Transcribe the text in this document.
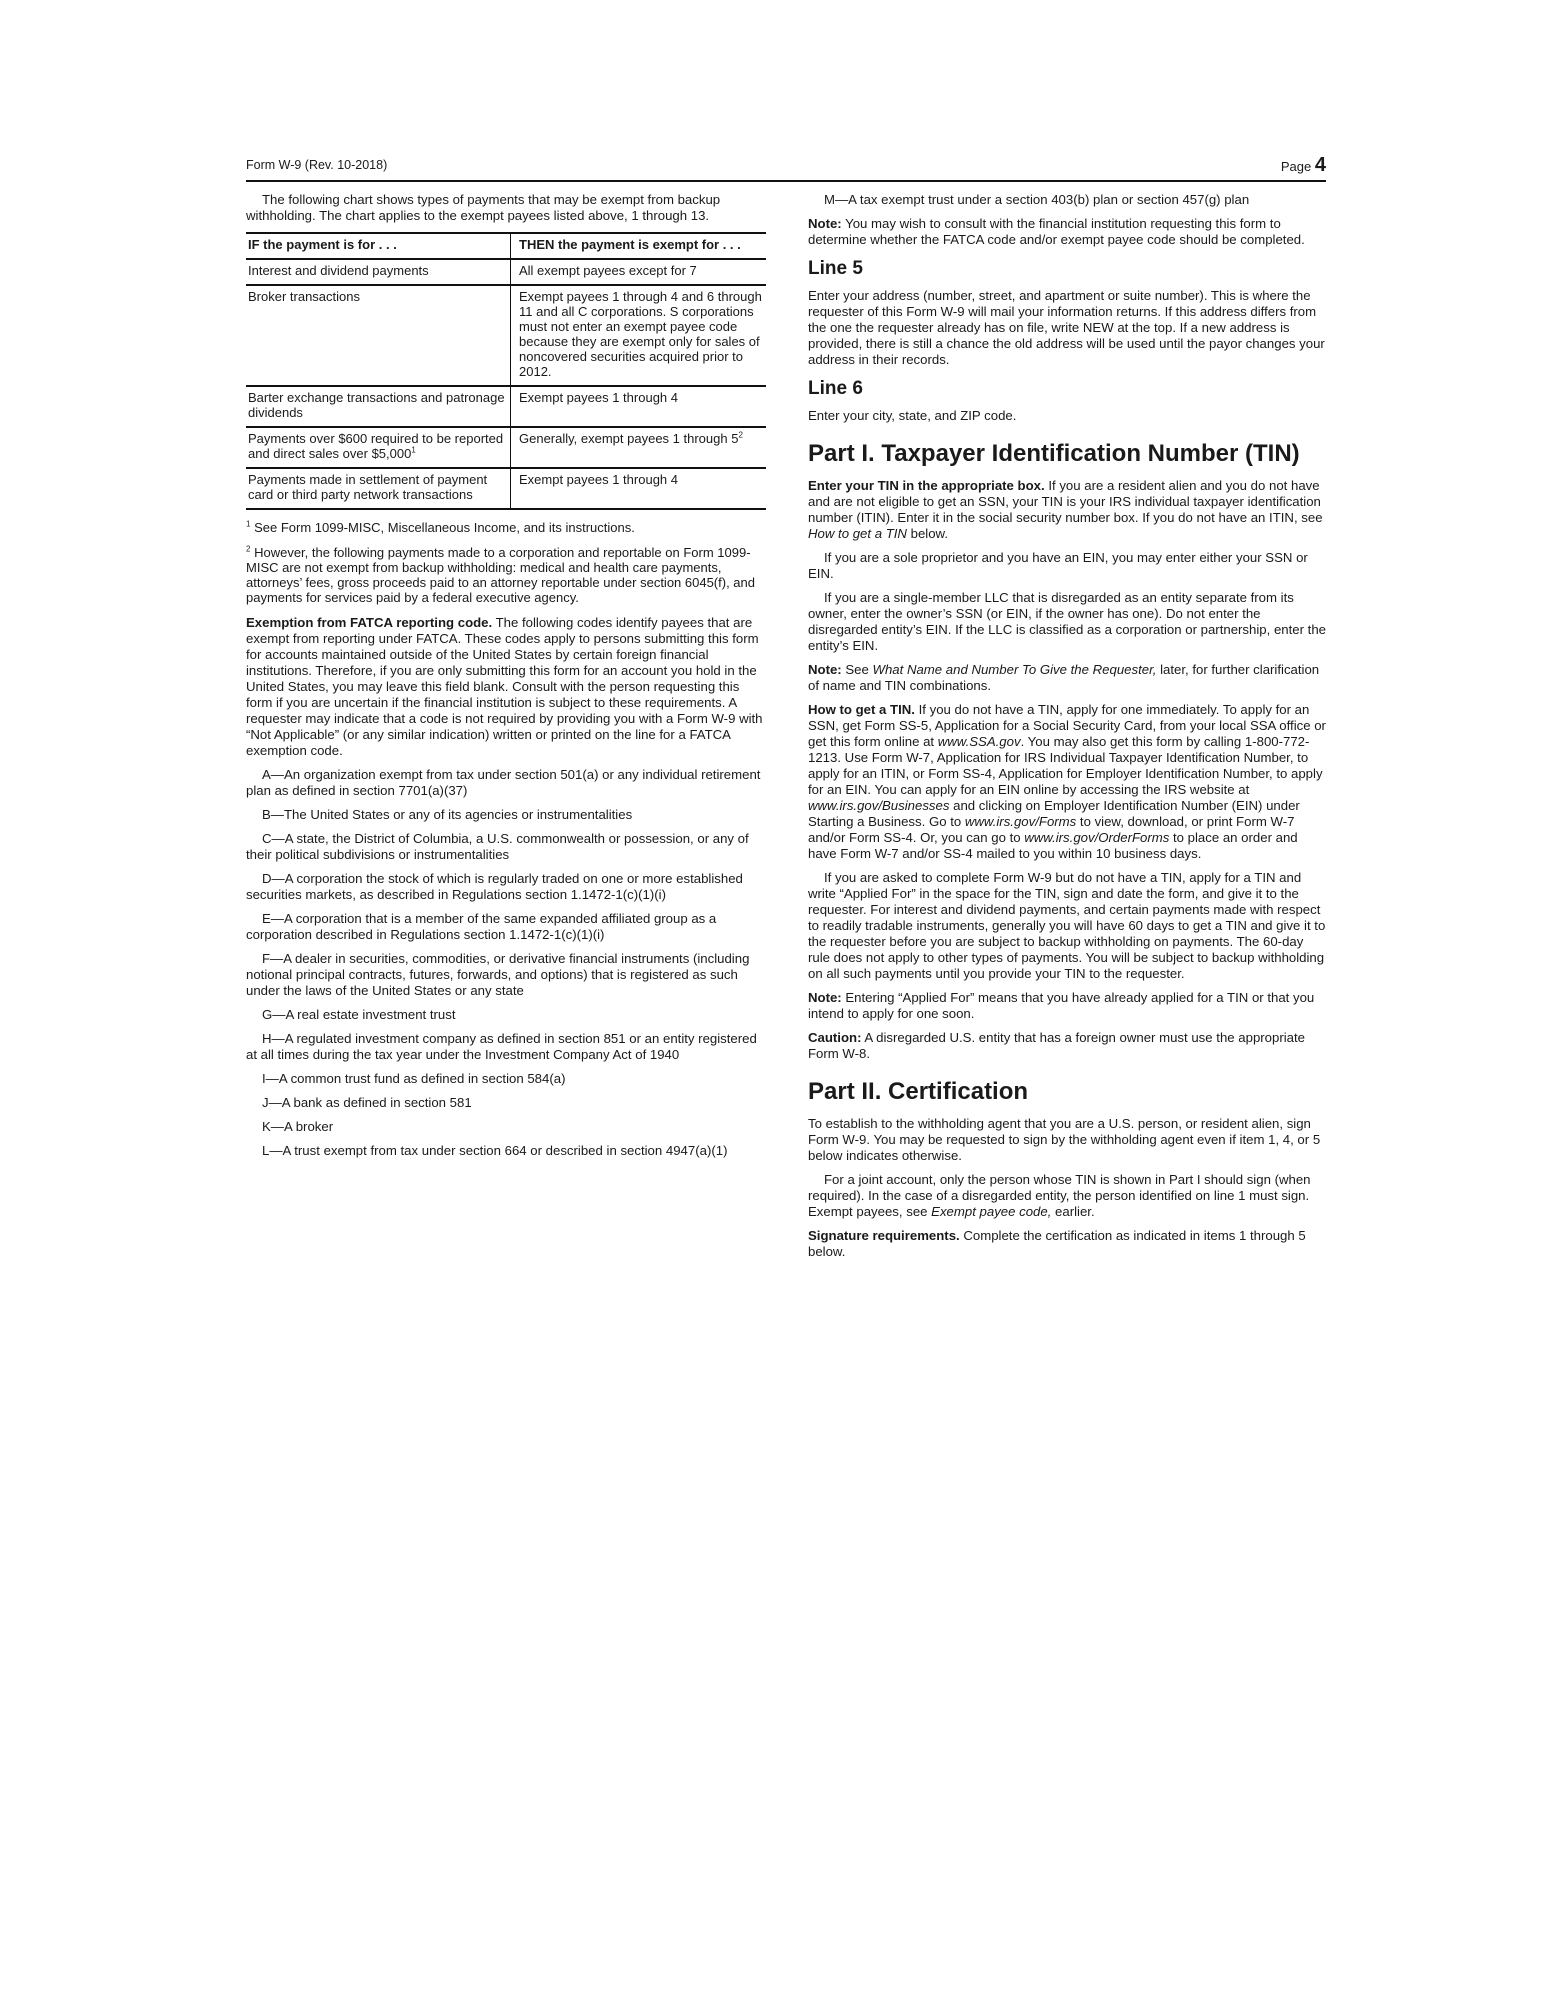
Form W-9 (Rev. 10-2018)	Page 4

The following chart shows types of payments that may be exempt from backup withholding. The chart applies to the exempt payees listed above, 1 through 13.

IF the payment is for . . .	THEN the payment is exempt for . . .
Interest and dividend payments	All exempt payees except for 7
Broker transactions	Exempt payees 1 through 4 and 6 through 11 and all C corporations. S corporations must not enter an exempt payee code because they are exempt only for sales of noncovered securities acquired prior to 2012.
Barter exchange transactions and patronage dividends	Exempt payees 1 through 4
Payments over $600 required to be reported and direct sales over $5,000$^1$	Generally, exempt payees 1 through $5^2$
Payments made in settlement of payment card or third party network transactions	Exempt payees 1 through 4

$^1$ See Form 1099-MISC, Miscellaneous Income, and its instructions.

$^2$ However, the following payments made to a corporation and reportable on Form 1099-MISC are not exempt from backup withholding: medical and health care payments, attorneys’ fees, gross proceeds paid to an attorney reportable under section 6045(f), and payments for services paid by a federal executive agency.

Exemption from FATCA reporting code. The following codes identify payees that are exempt from reporting under FATCA. These codes apply to persons submitting this form for accounts maintained outside of the United States by certain foreign financial institutions. Therefore, if you are only submitting this form for an account you hold in the United States, you may leave this field blank. Consult with the person requesting this form if you are uncertain if the financial institution is subject to these requirements. A requester may indicate that a code is not required by providing you with a Form W-9 with “Not Applicable” (or any similar indication) written or printed on the line for a FATCA exemption code.

A—An organization exempt from tax under section 501(a) or any individual retirement plan as defined in section 7701(a)(37)

B—The United States or any of its agencies or instrumentalities

C—A state, the District of Columbia, a U.S. commonwealth or possession, or any of their political subdivisions or instrumentalities

D—A corporation the stock of which is regularly traded on one or more established securities markets, as described in Regulations section 1.1472-1(c)(1)(i)

E—A corporation that is a member of the same expanded affiliated group as a corporation described in Regulations section 1.1472-1(c)(1)(i)

F—A dealer in securities, commodities, or derivative financial instruments (including notional principal contracts, futures, forwards, and options) that is registered as such under the laws of the United States or any state

G—A real estate investment trust

H—A regulated investment company as defined in section 851 or an entity registered at all times during the tax year under the Investment Company Act of 1940

I—A common trust fund as defined in section 584(a)

J—A bank as defined in section 581

K—A broker

L—A trust exempt from tax under section 664 or described in section 4947(a)(1)

M—A tax exempt trust under a section 403(b) plan or section 457(g) plan

Note: You may wish to consult with the financial institution requesting this form to determine whether the FATCA code and/or exempt payee code should be completed.

Line 5

Enter your address (number, street, and apartment or suite number). This is where the requester of this Form W-9 will mail your information returns. If this address differs from the one the requester already has on file, write NEW at the top. If a new address is provided, there is still a chance the old address will be used until the payor changes your address in their records.

Line 6

Enter your city, state, and ZIP code.

Part I. Taxpayer Identification Number (TIN)

Enter your TIN in the appropriate box. If you are a resident alien and you do not have and are not eligible to get an SSN, your TIN is your IRS individual taxpayer identification number (ITIN). Enter it in the social security number box. If you do not have an ITIN, see How to get a TIN below.

If you are a sole proprietor and you have an EIN, you may enter either your SSN or EIN.

If you are a single-member LLC that is disregarded as an entity separate from its owner, enter the owner’s SSN (or EIN, if the owner has one). Do not enter the disregarded entity’s EIN. If the LLC is classified as a corporation or partnership, enter the entity’s EIN.

Note: See What Name and Number To Give the Requester, later, for further clarification of name and TIN combinations.

How to get a TIN. If you do not have a TIN, apply for one immediately. To apply for an SSN, get Form SS-5, Application for a Social Security Card, from your local SSA office or get this form online at www.SSA.gov. You may also get this form by calling 1-800-772-1213. Use Form W-7, Application for IRS Individual Taxpayer Identification Number, to apply for an ITIN, or Form SS-4, Application for Employer Identification Number, to apply for an EIN. You can apply for an EIN online by accessing the IRS website at www.irs.gov/Businesses and clicking on Employer Identification Number (EIN) under Starting a Business. Go to www.irs.gov/Forms to view, download, or print Form W-7 and/or Form SS-4. Or, you can go to www.irs.gov/OrderForms to place an order and have Form W-7 and/or SS-4 mailed to you within 10 business days.

If you are asked to complete Form W-9 but do not have a TIN, apply for a TIN and write “Applied For” in the space for the TIN, sign and date the form, and give it to the requester. For interest and dividend payments, and certain payments made with respect to readily tradable instruments, generally you will have 60 days to get a TIN and give it to the requester before you are subject to backup withholding on payments. The 60-day rule does not apply to other types of payments. You will be subject to backup withholding on all such payments until you provide your TIN to the requester.

Note: Entering “Applied For” means that you have already applied for a TIN or that you intend to apply for one soon.

Caution: A disregarded U.S. entity that has a foreign owner must use the appropriate Form W-8.

Part II. Certification

To establish to the withholding agent that you are a U.S. person, or resident alien, sign Form W-9. You may be requested to sign by the withholding agent even if item 1, 4, or 5 below indicates otherwise.

For a joint account, only the person whose TIN is shown in Part I should sign (when required). In the case of a disregarded entity, the person identified on line 1 must sign. Exempt payees, see Exempt payee code, earlier.

Signature requirements. Complete the certification as indicated in items 1 through 5 below.
